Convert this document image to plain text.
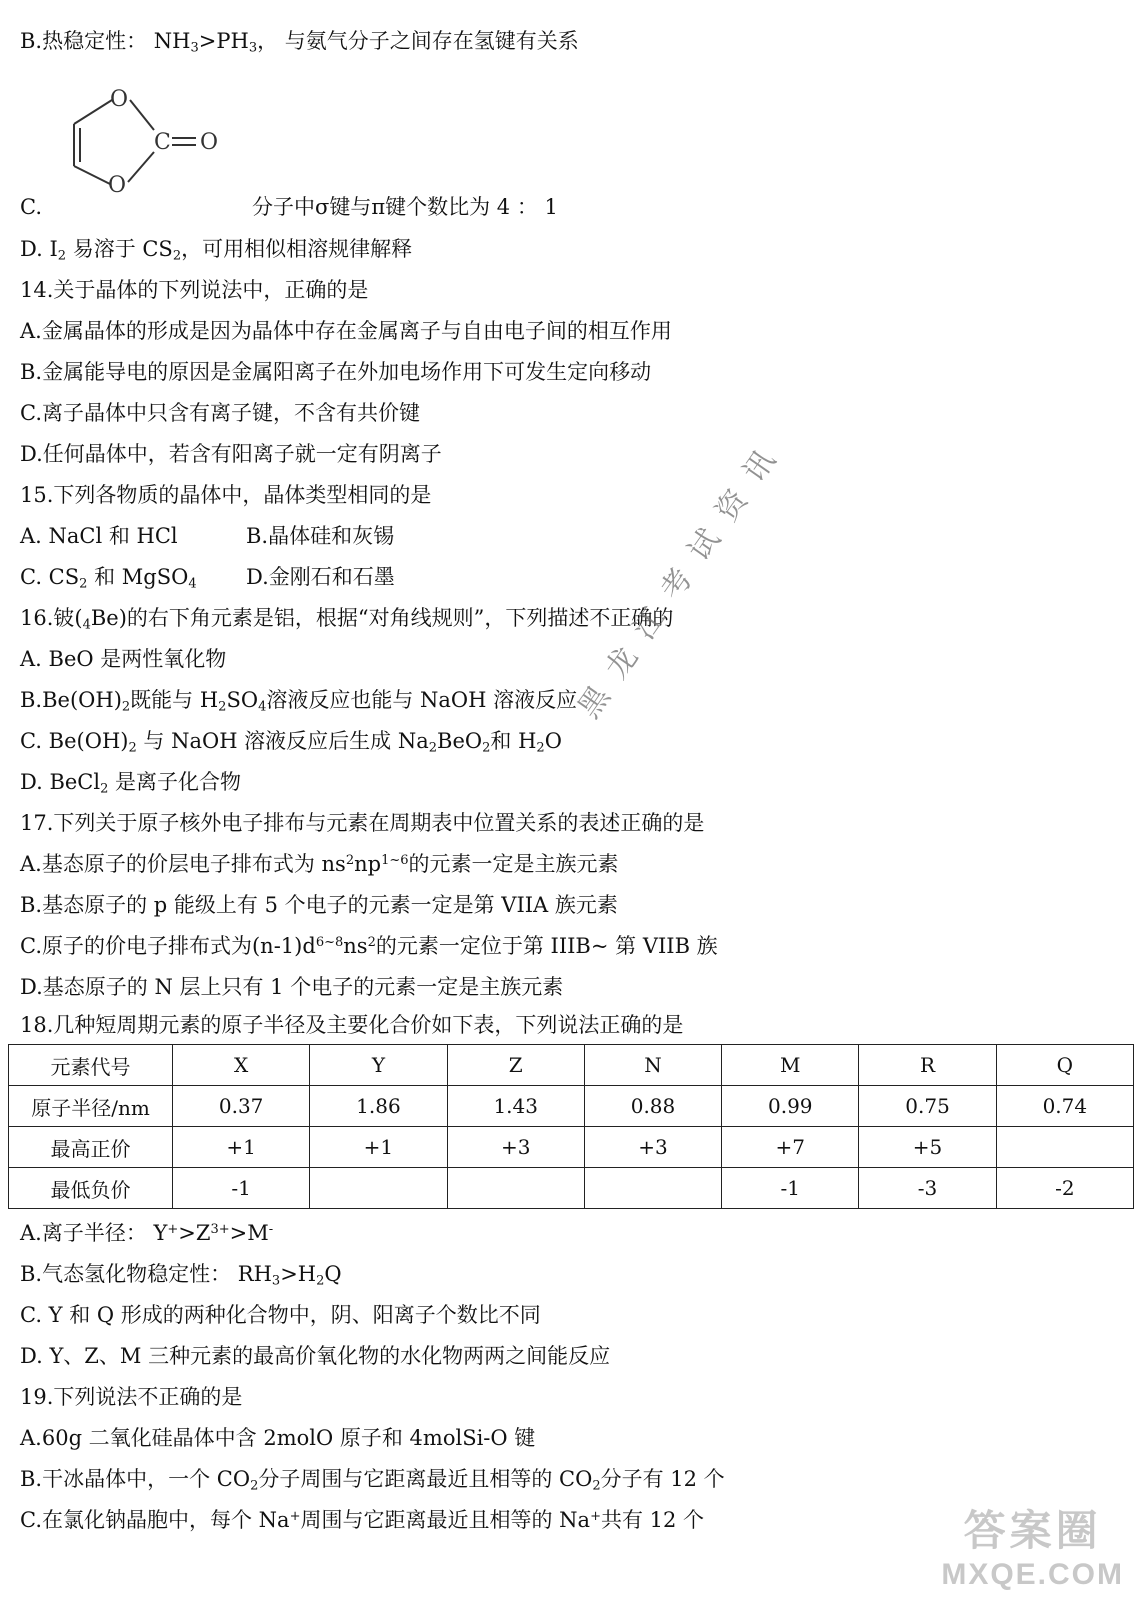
B.热稳定性： $NH_3>PH_3$， 与氨气分子之间存在氢键有关系
O
O
C O
C.	分子中σ键与π键个数比为 4 ： 1
D. $I_2$ 易溶于 $CS_2$，可用相似相溶规律解释
14.关于晶体的下列说法中，正确的是
A.金属晶体的形成是因为晶体中存在金属离子与自由电子间的相互作用
B.金属能导电的原因是金属阳离子在外加电场作用下可发生定向移动
C.离子晶体中只含有离子键，不含有共价键
D.任何晶体中，若含有阳离子就一定有阴离子
15.下列各物质的晶体中，晶体类型相同的是
A. NaCl 和 HCl	B.晶体硅和灰锡
C. $CS_2$ 和 MgSO$_4$ D.金刚石和石墨
16.铍$(_4Be)$的右下角元素是铝，根据“对角线规则”，下列描述不正确的
A. BeO 是两性氧化物
$B.Be(OH)_2$既能与 $H_2SO_4$溶液反应也能与 NaOH 溶液反应
C. $Be(OH)_2$ 与 NaOH 溶液反应后生成 $Na_2BeO_2$和 $H_2O$
D. BeCl$_2$ 是离子化合物
17.下列关于原子核外电子排布与元素在周期表中位置关系的表述正确的是
A.基态原子的价层电子排布式为 $ns^2np^{1\sim 6}$的元素一定是主族元素
B.基态原子的 p 能级上有 5 个电子的元素一定是第 VIIA 族元素
C.原子的价电子排布式为$(n-1)d^{6\sim 8}ns^2$的元素一定位于第 IIIB~ 第 VIIB 族
D.基态原子的 N 层上只有 1 个电子的元素一定是主族元素
18.几种短周期元素的原子半径及主要化合价如下表，下列说法正确的是
元素代号	X	Y	Z	N	M	R	Q
原子半径/nm	0.37	1.86	1.43	0.88	0.99	0.75	0.74
最高正价	+1	+1	+3	+3	+7	+5	
最低负价	-1				-1	-3	-2
A.离子半径： $Y^+>Z^{3+}>M^-$
B.气态氢化物稳定性： $RH_3>H_2Q$
C. Y 和 Q 形成的两种化合物中，阴、阳离子个数比不同
D. Y、Z、M 三种元素的最高价氧化物的水化物两两之间能反应
19.下列说法不正确的是
A.60g 二氧化硅晶体中含 2molO 原子和 4molSi-O 键
B.干冰晶体中，一个 $CO_2$分子周围与它距离最近且相等的 $CO_2$分子有 12 个
C.在氯化钠晶胞中，每个 Na+周围与它距离最近且相等的 Na+共有 12 个
黑龙江考试资讯
答案圈
MXQE.COM
